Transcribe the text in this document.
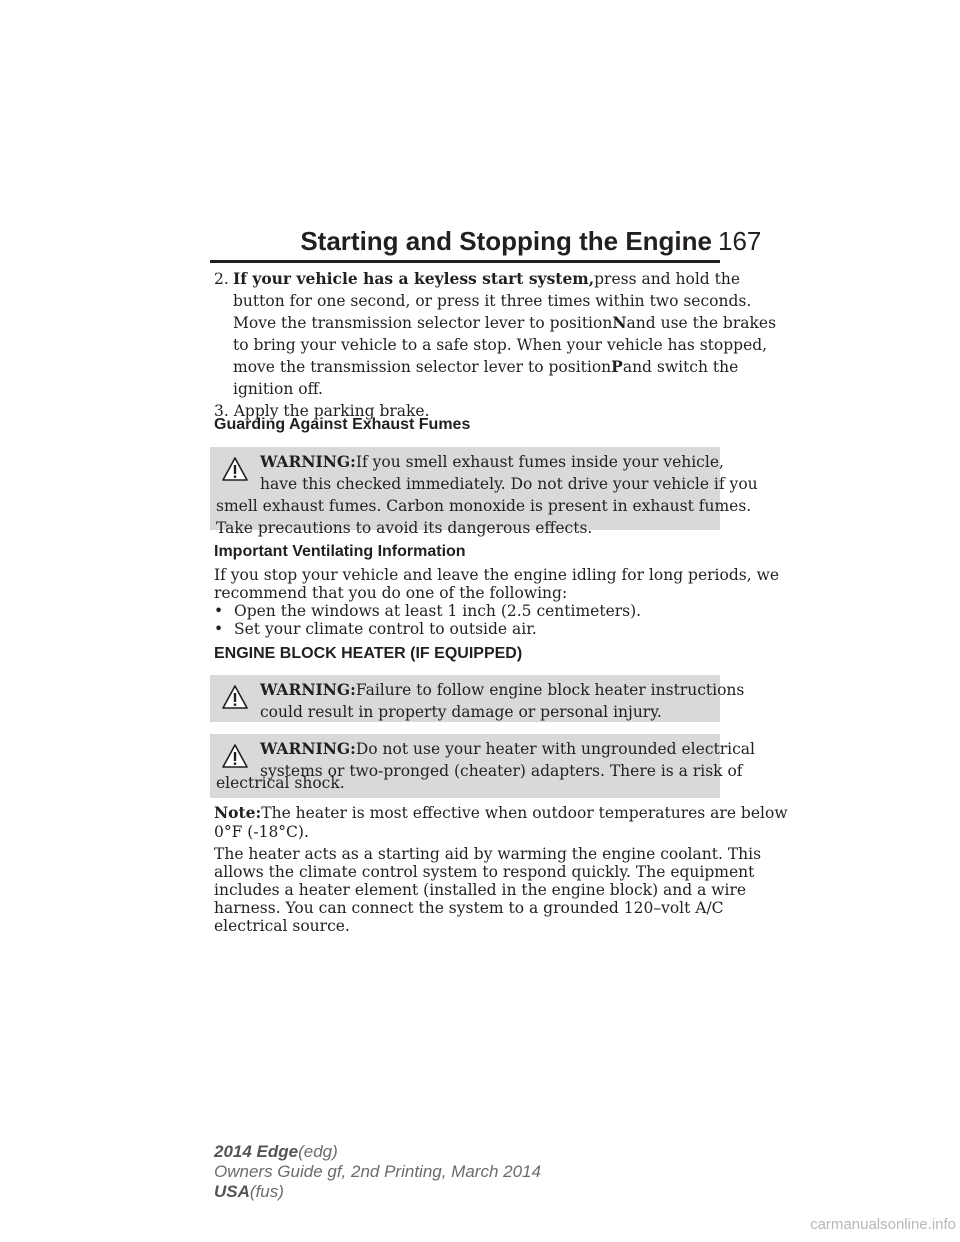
Starting and Stopping the Engine 167
2. If your vehicle has a keyless start system,press and hold the
button for one second, or press it three times within two seconds.
Move the transmission selector lever to positionNand use the brakes
to bring your vehicle to a safe stop. When your vehicle has stopped,
move the transmission selector lever to positionPand switch the
ignition off.
3. Apply the parking brake.
Guarding Against Exhaust Fumes
WARNING:If you smell exhaust fumes inside your vehicle,
have this checked immediately. Do not drive your vehicle if you
smell exhaust fumes. Carbon monoxide is present in exhaust fumes.
Take precautions to avoid its dangerous effects.
Important Ventilating Information
If you stop your vehicle and leave the engine idling for long periods, we
recommend that you do one of the following:
• Open the windows at least 1 inch (2.5 centimeters).
• Set your climate control to outside air.
ENGINE BLOCK HEATER (IF EQUIPPED)
WARNING:Failure to follow engine block heater instructions
could result in property damage or personal injury.
WARNING:Do not use your heater with ungrounded electrical
systems or two-pronged (cheater) adapters. There is a risk of
electrical shock.
Note:The heater is most effective when outdoor temperatures are below
0°F (-18°C).
The heater acts as a starting aid by warming the engine coolant. This
allows the climate control system to respond quickly. The equipment
includes a heater element (installed in the engine block) and a wire
harness. You can connect the system to a grounded 120–volt A/C
electrical source.
2014 Edge(edg)
Owners Guide gf, 2nd Printing, March 2014
USA(fus)
carmanualsonline.info
